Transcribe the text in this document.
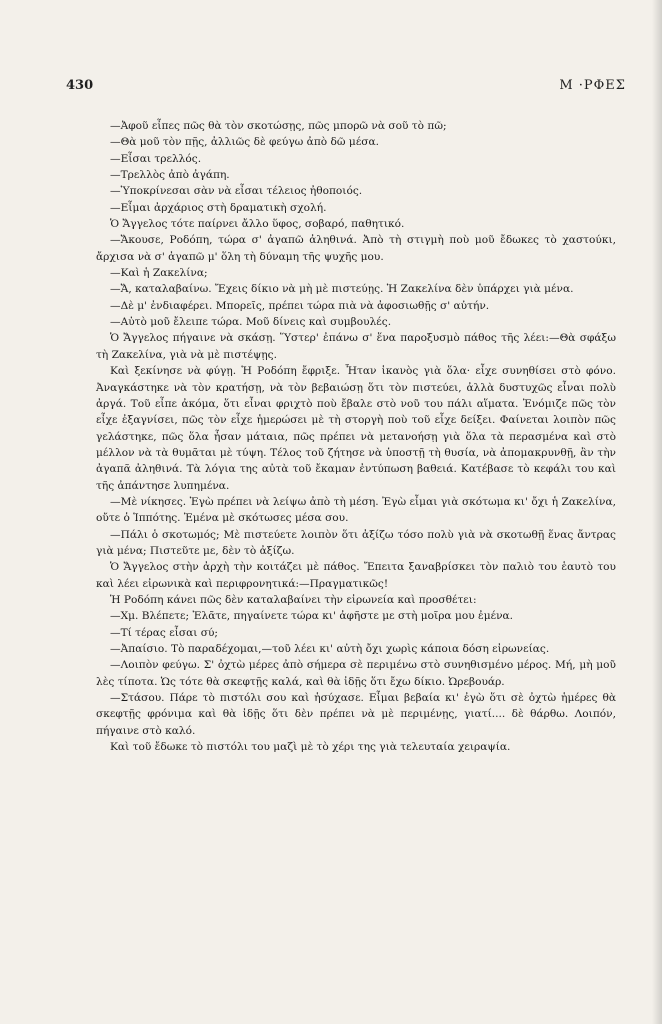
430	Μ ·ΡΦΕΣ

—Ἀφοῦ εἶπες πῶς θὰ τὸν σκοτώσῃς, πῶς μπορῶ νὰ σοῦ τὸ πῶ;

—Θὰ μοῦ τὸν πῇς, ἀλλιῶς δὲ φεύγω ἀπὸ δῶ μέσα.

—Εἶσαι τρελλός.

—Τρελλὸς ἀπὸ ἀγάπη.

—Ὑποκρίνεσαι σὰν νὰ εἶσαι τέλειος ἠθοποιός.

—Εἶμαι ἀρχάριος στὴ δραματικὴ σχολή.

Ὁ Ἄγγελος τότε παίρνει ἄλλο ὕφος, σοβαρό, παθητικό.

—Ἄκουσε, Ροδόπη, τώρα σ' ἀγαπῶ ἀληθινά. Ἀπὸ τὴ στιγμὴ ποὺ μοῦ ἔδωκες τὸ χαστούκι, ἄρχισα νὰ σ' ἀγαπῶ μ' ὅλη τὴ δύναμη τῆς ψυχῆς μου.

—Καὶ ἡ Ζακελίνα;

—Ἄ, καταλαβαίνω. Ἔχεις δίκιο νὰ μὴ μὲ πιστεύῃς. Ἡ Ζακελίνα δὲν ὑπάρχει γιὰ μένα.

—Δὲ μ' ἐνδιαφέρει. Μπορεῖς, πρέπει τώρα πιὰ νὰ ἀφοσιωθῇς σ' αὐτήν.

—Αὐτὸ μοῦ ἔλειπε τώρα. Μοῦ δίνεις καὶ συμβουλές.

Ὁ Ἄγγελος πήγαινε νὰ σκάσῃ. Ὕστερ' ἐπάνω σ' ἕνα παροξυσμὸ πάθος τῆς λέει:—Θὰ σφάξω τὴ Ζακελίνα, γιὰ νὰ μὲ πιστέψῃς.

Καὶ ξεκίνησε νὰ φύγῃ. Ἡ Ροδόπη ἔφριξε. Ἦταν ἱκανὸς γιὰ ὅλα· εἶχε συνηθίσει στὸ φόνο. Ἀναγκάστηκε νὰ τὸν κρατήσῃ, νὰ τὸν βεβαιώσῃ ὅτι τὸν πιστεύει, ἀλλὰ δυστυχῶς εἶναι πολὺ ἀργά. Τοῦ εἶπε ἀκόμα, ὅτι εἶναι φριχτὸ ποὺ ἔβαλε στὸ νοῦ του πάλι αἵματα. Ἐνόμιζε πῶς τὸν εἶχε ἐξαγνίσει, πῶς τὸν εἶχε ἡμερώσει μὲ τὴ στοργὴ ποὺ τοῦ εἶχε δείξει. Φαίνεται λοιπὸν πῶς γελάστηκε, πῶς ὅλα ἦσαν μάταια, πῶς πρέπει νὰ μετανοήσῃ γιὰ ὅλα τὰ περασμένα καὶ στὸ μέλλον νὰ τὰ θυμᾶται μὲ τύψη. Τέλος τοῦ ζήτησε νὰ ὑποστῇ τὴ θυσία, νὰ ἀπομακρυνθῇ, ἂν τὴν ἀγαπᾶ ἀληθινά. Τὰ λόγια της αὐτὰ τοῦ ἔκαμαν ἐντύπωση βαθειά. Κατέβασε τὸ κεφάλι του καὶ τῆς ἀπάντησε λυπημένα.

—Μὲ νίκησες. Ἐγὼ πρέπει νὰ λείψω ἀπὸ τὴ μέση. Ἐγὼ εἶμαι γιὰ σκότωμα κι' ὄχι ἡ Ζακελίνα, οὔτε ὁ Ἱππότης. Ἐμένα μὲ σκότωσες μέσα σου.

—Πάλι ὁ σκοτωμός; Μὲ πιστεύετε λοιπὸν ὅτι ἀξίζω τόσο πολὺ γιὰ νὰ σκοτωθῇ ἕνας ἄντρας γιὰ μένα; Πιστεῦτε με, δὲν τὸ ἀξίζω.

Ὁ Ἄγγελος στὴν ἀρχὴ τὴν κοιτάζει μὲ πάθος. Ἔπειτα ξαναβρίσκει τὸν παλιὸ του ἑαυτὸ του καὶ λέει εἰρωνικὰ καὶ περιφρονητικά:—Πραγματικῶς!

Ἡ Ροδόπη κάνει πῶς δὲν καταλαβαίνει τὴν εἰρωνεία καὶ προσθέτει:

—Χμ. Βλέπετε; Ἐλᾶτε, πηγαίνετε τώρα κι' ἀφῆστε με στὴ μοῖρα μου ἐμένα.

—Τί τέρας εἶσαι σύ;

—Ἀπαίσιο. Τὸ παραδέχομαι,—τοῦ λέει κι' αὐτὴ ὄχι χωρὶς κάποια δόση εἰρωνείας.

—Λοιπὸν φεύγω. Σ' ὀχτὼ μέρες ἀπὸ σήμερα σὲ περιμένω στὸ συνηθισμένο μέρος. Μή, μὴ μοῦ λὲς τίποτα. Ὡς τότε θὰ σκεφτῇς καλά, καὶ θὰ ἰδῇς ὅτι ἔχω δίκιο. Ὠρεβουάρ.

—Στάσου. Πάρε τὸ πιστόλι σου καὶ ἡσύχασε. Εἶμαι βεβαία κι' ἐγὼ ὅτι σὲ ὀχτὼ ἡμέρες θὰ σκεφτῇς φρόνιμα καὶ θὰ ἰδῇς ὅτι δὲν πρέπει νὰ μὲ περιμένῃς, γιατί.... δὲ θάρθω. Λοιπόν, πήγαινε στὸ καλό.

Καὶ τοῦ ἔδωκε τὸ πιστόλι του μαζὶ μὲ τὸ χέρι της γιὰ τελευταία χειραψία.
